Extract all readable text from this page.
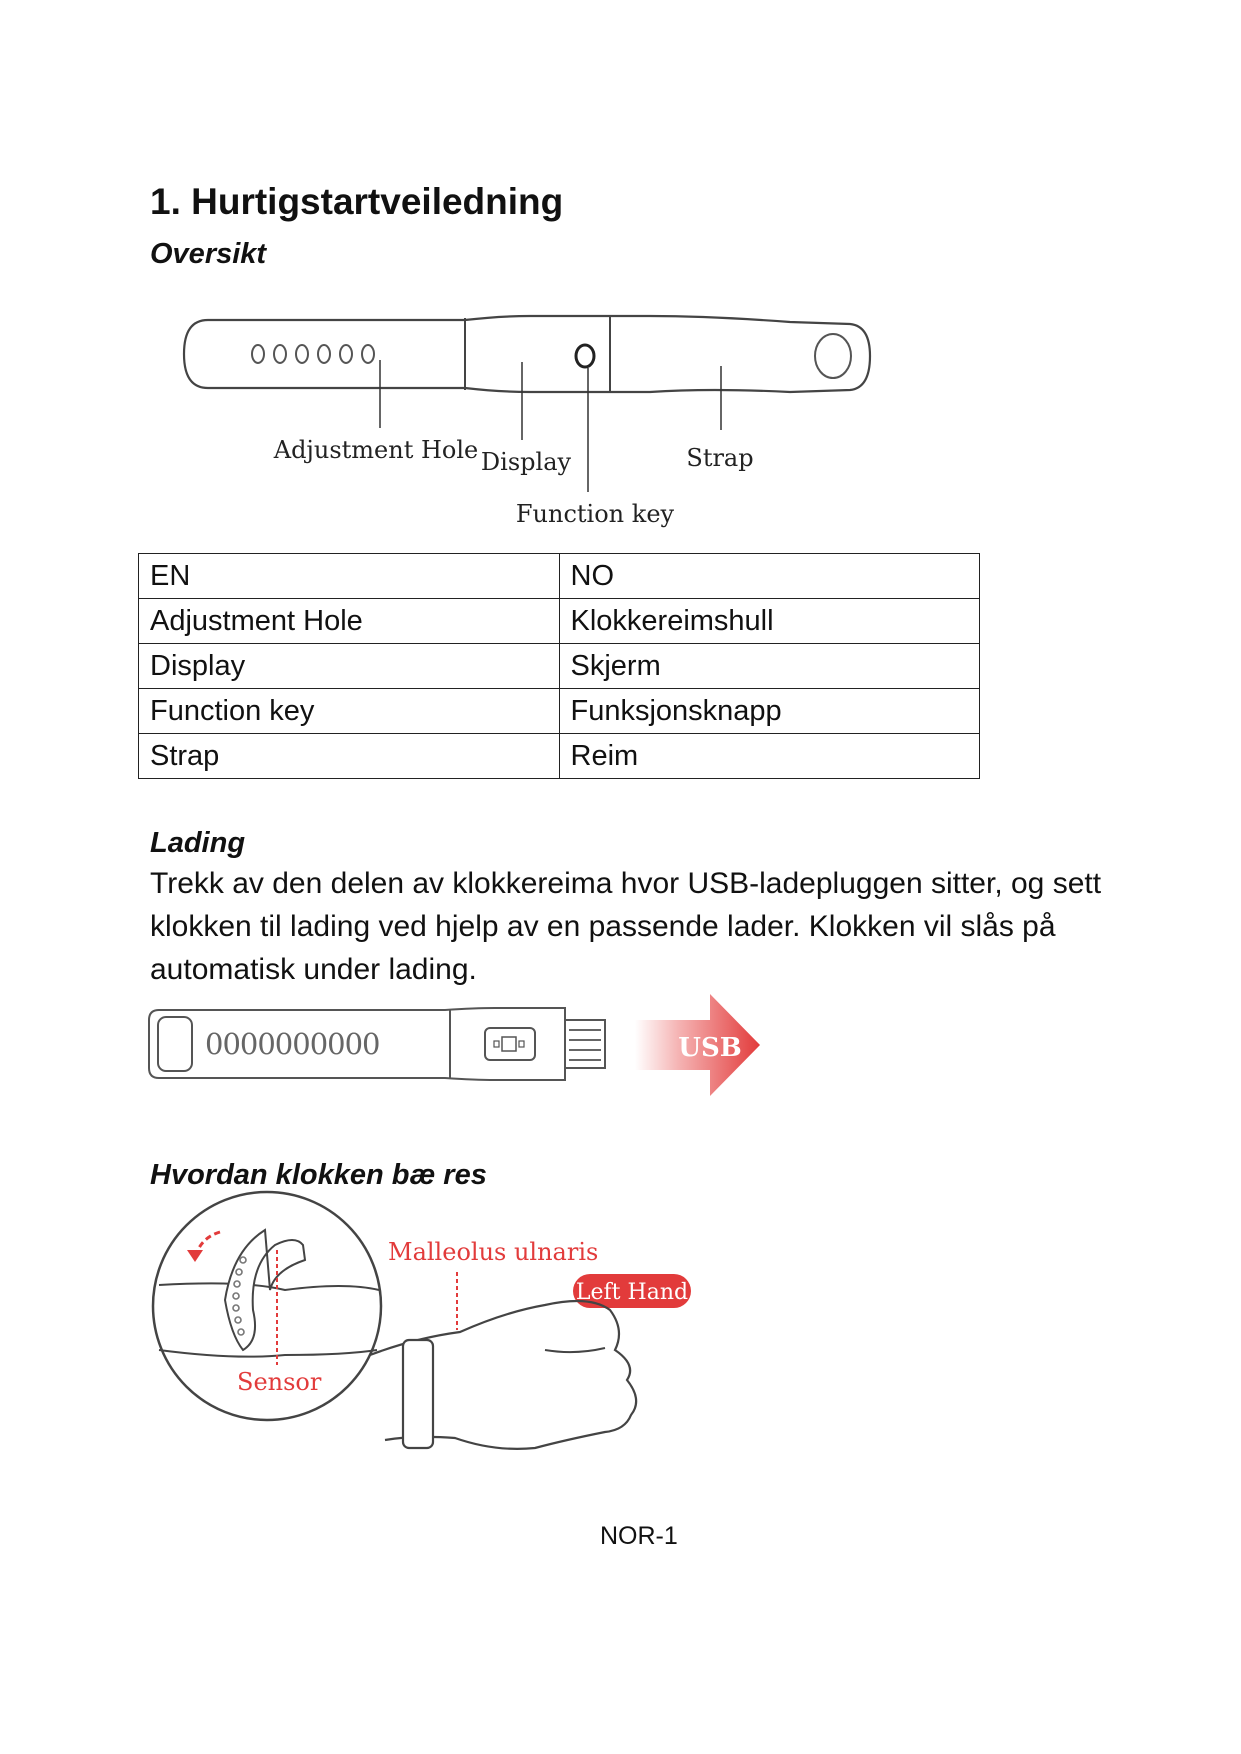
1. Hurtigstartveiledning
Oversikt
Adjustment Hole Display	Strap
Function key
EN	NO
Adjustment Hole	Klokkereimshull
Display	Skjerm
Function key	Funksjonsknapp
Strap	Reim
Lading

Trekk av den delen av klokkereima hvor USB-ladepluggen sitter, og sett klokken til lading ved hjelp av en passende lader. Klokken vil slås på automatisk under lading.

0000000000	USB
Hvordan klokken bæ res
Sensor
Malleolus ulnaris
Left Hand
NOR-1
